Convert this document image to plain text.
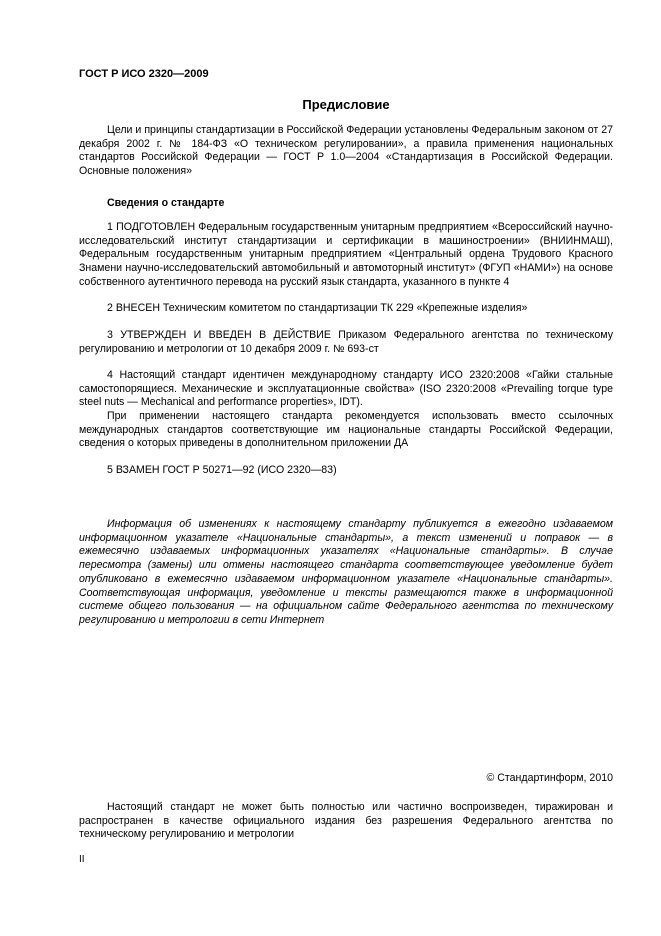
ГОСТ Р ИСО 2320—2009
Предисловие
Цели и принципы стандартизации в Российской Федерации установлены Федеральным законом от 27 декабря 2002 г. № 184-ФЗ «О техническом регулировании», а правила применения национальных стандартов Российской Федерации — ГОСТ Р 1.0—2004 «Стандартизация в Российской Федерации. Основные положения»
Сведения о стандарте
1 ПОДГОТОВЛЕН Федеральным государственным унитарным предприятием «Всероссийский научно-исследовательский институт стандартизации и сертификации в машиностроении» (ВНИИНМАШ), Федеральным государственным унитарным предприятием «Центральный ордена Трудового Красного Знамени научно-исследовательский автомобильный и автомоторный институт» (ФГУП «НАМИ») на основе собственного аутентичного перевода на русский язык стандарта, указанного в пункте 4
2 ВНЕСЕН Техническим комитетом по стандартизации ТК 229 «Крепежные изделия»
3 УТВЕРЖДЕН И ВВЕДЕН В ДЕЙСТВИЕ Приказом Федерального агентства по техническому регулированию и метрологии от 10 декабря 2009 г. № 693-ст
4 Настоящий стандарт идентичен международному стандарту ИСО 2320:2008 «Гайки стальные самостопорящиеся. Механические и эксплуатационные свойства» (ISO 2320:2008 «Prevailing torque type steel nuts — Mechanical and performance properties», IDT).
При применении настоящего стандарта рекомендуется использовать вместо ссылочных международных стандартов соответствующие им национальные стандарты Российской Федерации, сведения о которых приведены в дополнительном приложении ДА
5 ВЗАМЕН ГОСТ Р 50271—92 (ИСО 2320—83)
Информация об изменениях к настоящему стандарту публикуется в ежегодно издаваемом информационном указателе «Национальные стандарты», а текст изменений и поправок — в ежемесячно издаваемых информационных указателях «Национальные стандарты». В случае пересмотра (замены) или отмены настоящего стандарта соответствующее уведомление будет опубликовано в ежемесячно издаваемом информационном указателе «Национальные стандарты». Соответствующая информация, уведомление и тексты размещаются также в информационной системе общего пользования — на официальном сайте Федерального агентства по техническому регулированию и метрологии в сети Интернет
© Стандартинформ, 2010
Настоящий стандарт не может быть полностью или частично воспроизведен, тиражирован и распространен в качестве официального издания без разрешения Федерального агентства по техническому регулированию и метрологии
II
